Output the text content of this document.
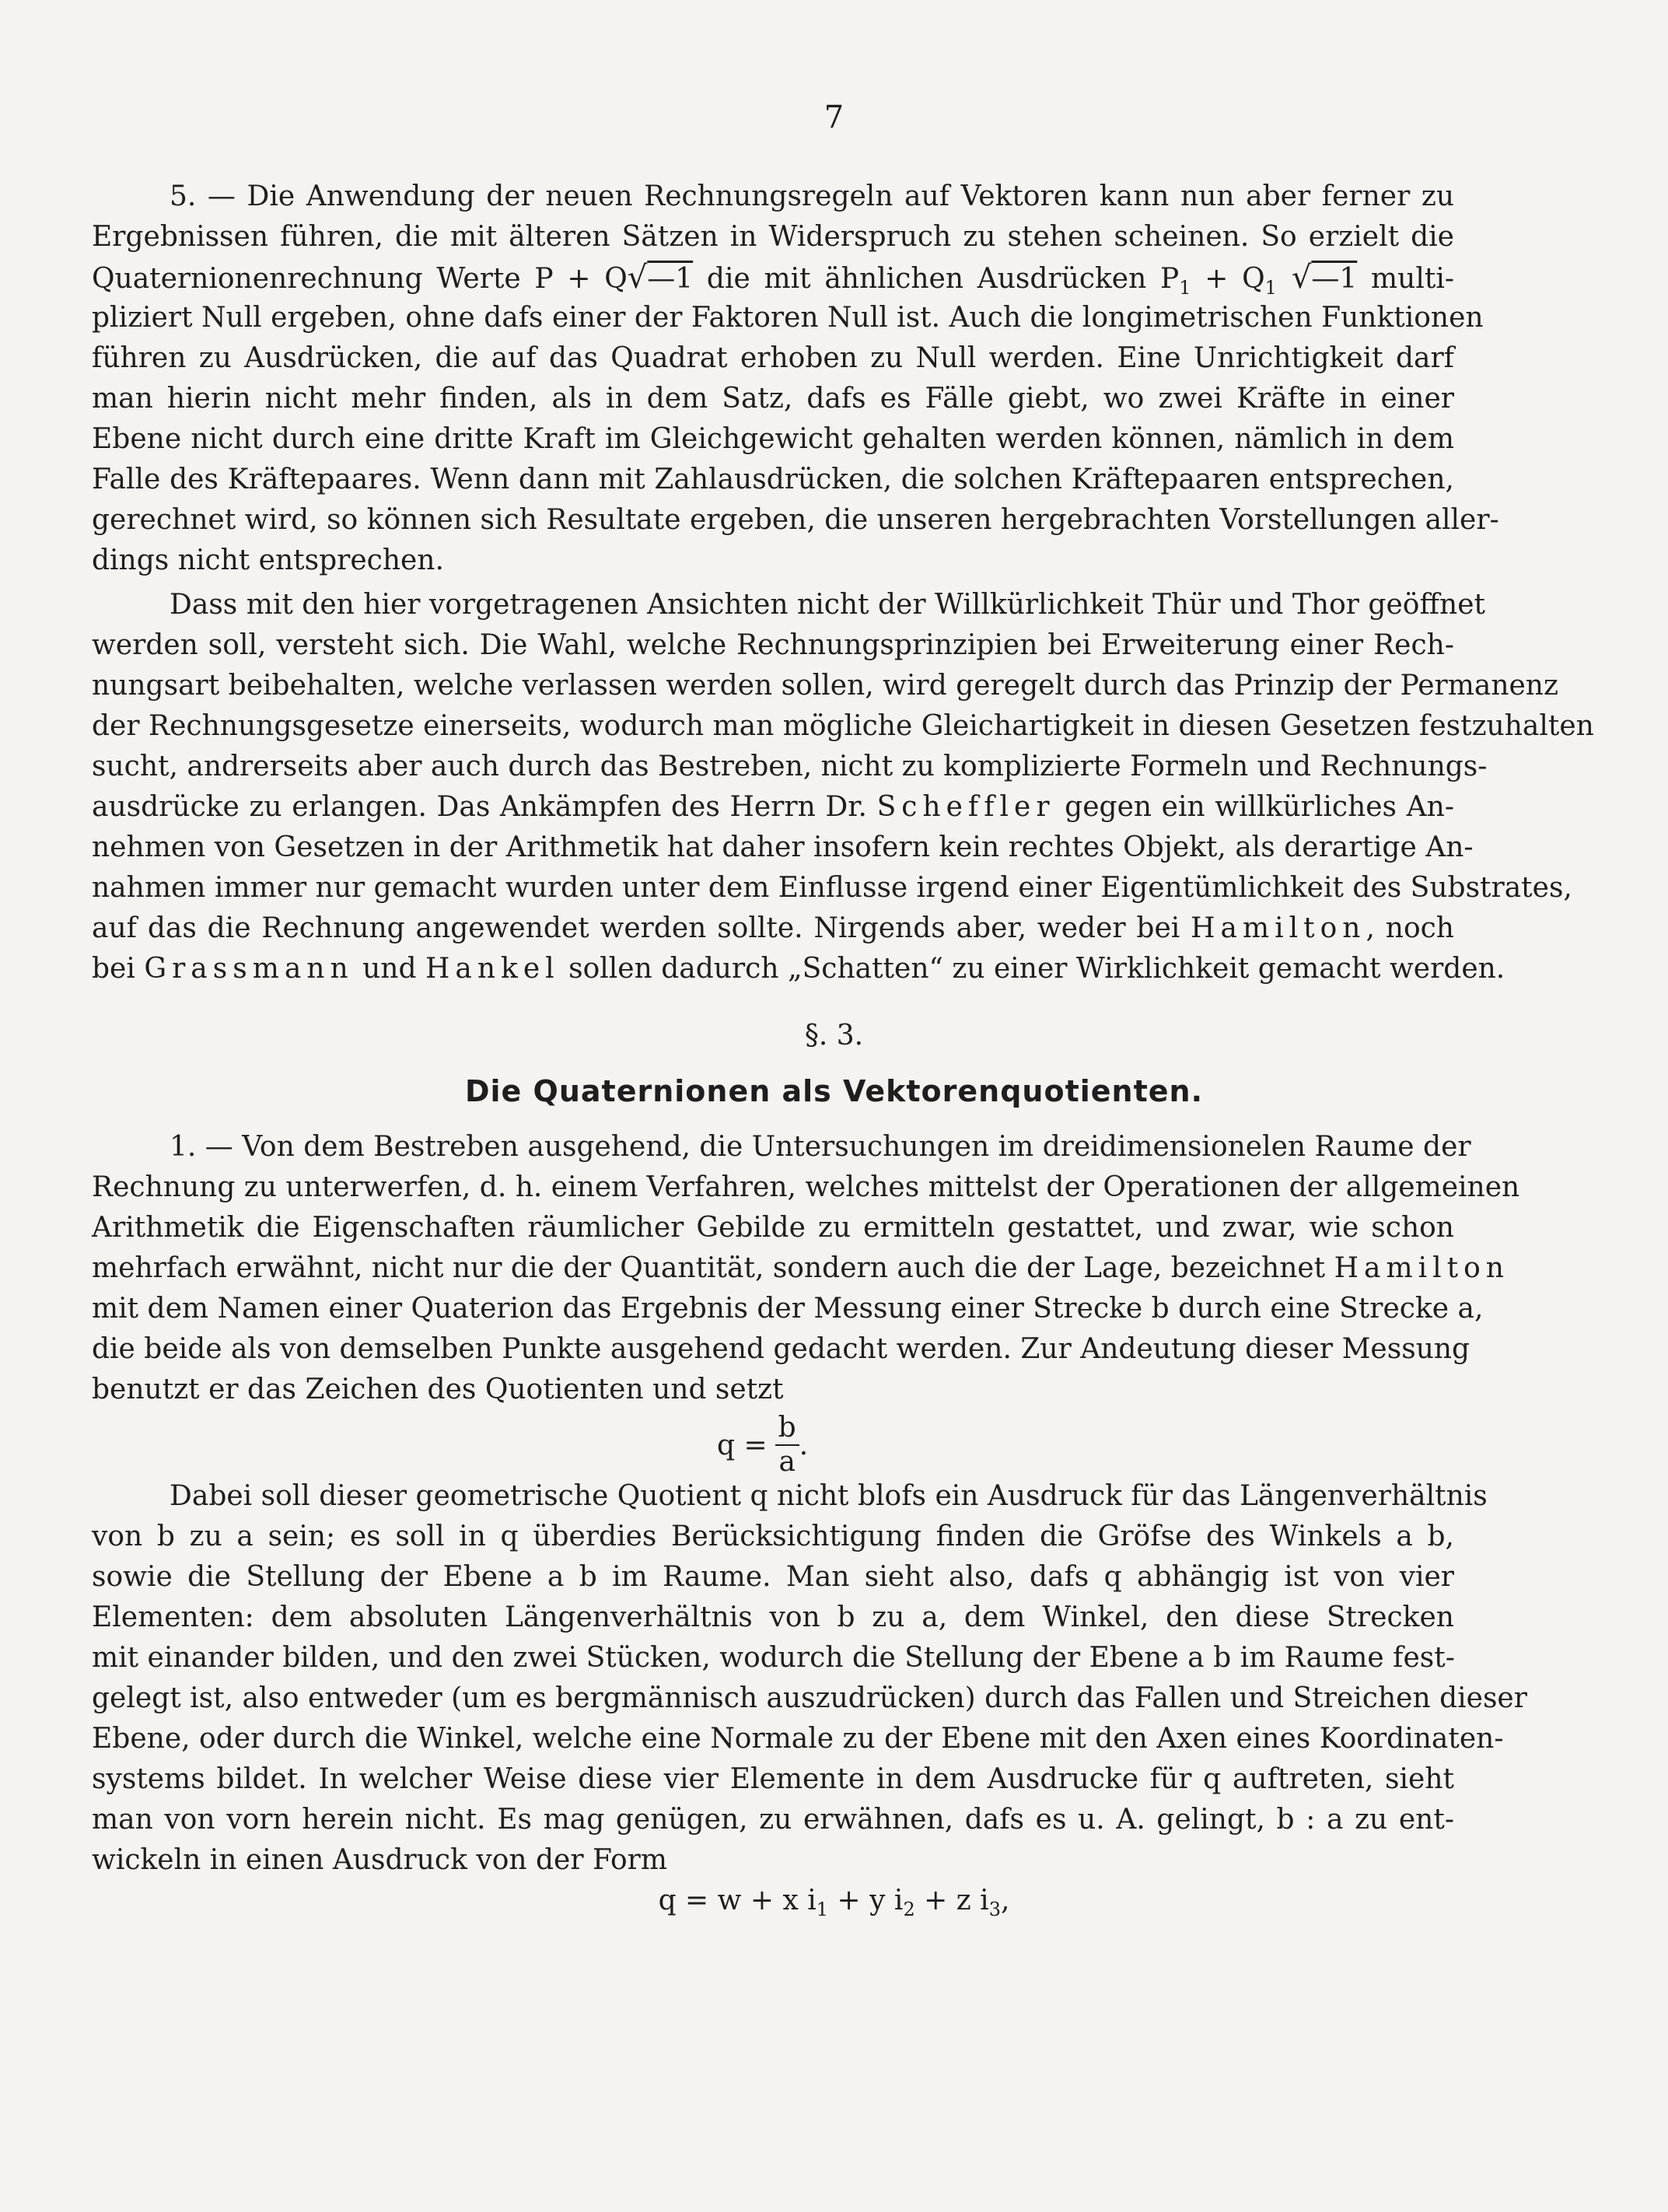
7
5. — Die Anwendung der neuen Rechnungsregeln auf Vektoren kann nun aber ferner zu
Ergebnissen führen, die mit älteren Sätzen in Widerspruch zu stehen scheinen. So erzielt die
Quaternionenrechnung Werte P + Q√—1 die mit ähnlichen Ausdrücken $P_1 + Q_1$ √—1 multi-
pliziert Null ergeben, ohne dafs einer der Faktoren Null ist. Auch die longimetrischen Funktionen
führen zu Ausdrücken, die auf das Quadrat erhoben zu Null werden. Eine Unrichtigkeit darf
man hierin nicht mehr finden, als in dem Satz, dafs es Fälle giebt, wo zwei Kräfte in einer
Ebene nicht durch eine dritte Kraft im Gleichgewicht gehalten werden können, nämlich in dem
Falle des Kräftepaares. Wenn dann mit Zahlausdrücken, die solchen Kräftepaaren entsprechen,
gerechnet wird, so können sich Resultate ergeben, die unseren hergebrachten Vorstellungen aller-
dings nicht entsprechen.
Dass mit den hier vorgetragenen Ansichten nicht der Willkürlichkeit Thür und Thor geöffnet
werden soll, versteht sich. Die Wahl, welche Rechnungsprinzipien bei Erweiterung einer Rech-
nungsart beibehalten, welche verlassen werden sollen, wird geregelt durch das Prinzip der Permanenz
der Rechnungsgesetze einerseits, wodurch man mögliche Gleichartigkeit in diesen Gesetzen festzuhalten
sucht, andrerseits aber auch durch das Bestreben, nicht zu komplizierte Formeln und Rechnungs-
ausdrücke zu erlangen. Das Ankämpfen des Herrn Dr. Scheffler gegen ein willkürliches An-
nehmen von Gesetzen in der Arithmetik hat daher insofern kein rechtes Objekt, als derartige An-
nahmen immer nur gemacht wurden unter dem Einflusse irgend einer Eigentümlichkeit des Substrates,
auf das die Rechnung angewendet werden sollte. Nirgends aber, weder bei Hamilton, noch
bei Grassmann und Hankel sollen dadurch „Schatten“ zu einer Wirklichkeit gemacht werden.
§. 3.
Die Quaternionen als Vektorenquotienten.
1. — Von dem Bestreben ausgehend, die Untersuchungen im dreidimensionelen Raume der
Rechnung zu unterwerfen, d. h. einem Verfahren, welches mittelst der Operationen der allgemeinen
Arithmetik die Eigenschaften räumlicher Gebilde zu ermitteln gestattet, und zwar, wie schon
mehrfach erwähnt, nicht nur die der Quantität, sondern auch die der Lage, bezeichnet Hamilton
mit dem Namen einer Quaterion das Ergebnis der Messung einer Strecke b durch eine Strecke a,
die beide als von demselben Punkte ausgehend gedacht werden. Zur Andeutung dieser Messung
benutzt er das Zeichen des Quotienten und setzt
$q = \frac{b}{a}$ .
Dabei soll dieser geometrische Quotient q nicht blofs ein Ausdruck für das Längenverhältnis
von b zu a sein; es soll in q überdies Berücksichtigung finden die Gröfse des Winkels a b,
sowie die Stellung der Ebene a b im Raume. Man sieht also, dafs q abhängig ist von vier
Elementen: dem absoluten Längenverhältnis von b zu a, dem Winkel, den diese Strecken
mit einander bilden, und den zwei Stücken, wodurch die Stellung der Ebene a b im Raume fest-
gelegt ist, also entweder (um es bergmännisch auszudrücken) durch das Fallen und Streichen dieser
Ebene, oder durch die Winkel, welche eine Normale zu der Ebene mit den Axen eines Koordinaten-
systems bildet. In welcher Weise diese vier Elemente in dem Ausdrucke für q auftreten, sieht
man von vorn herein nicht. Es mag genügen, zu erwähnen, dafs es u. A. gelingt, b : a zu ent-
wickeln in einen Ausdruck von der Form
q = w + x $i_1 + y$ $i_2 + z$ $i_3$,
